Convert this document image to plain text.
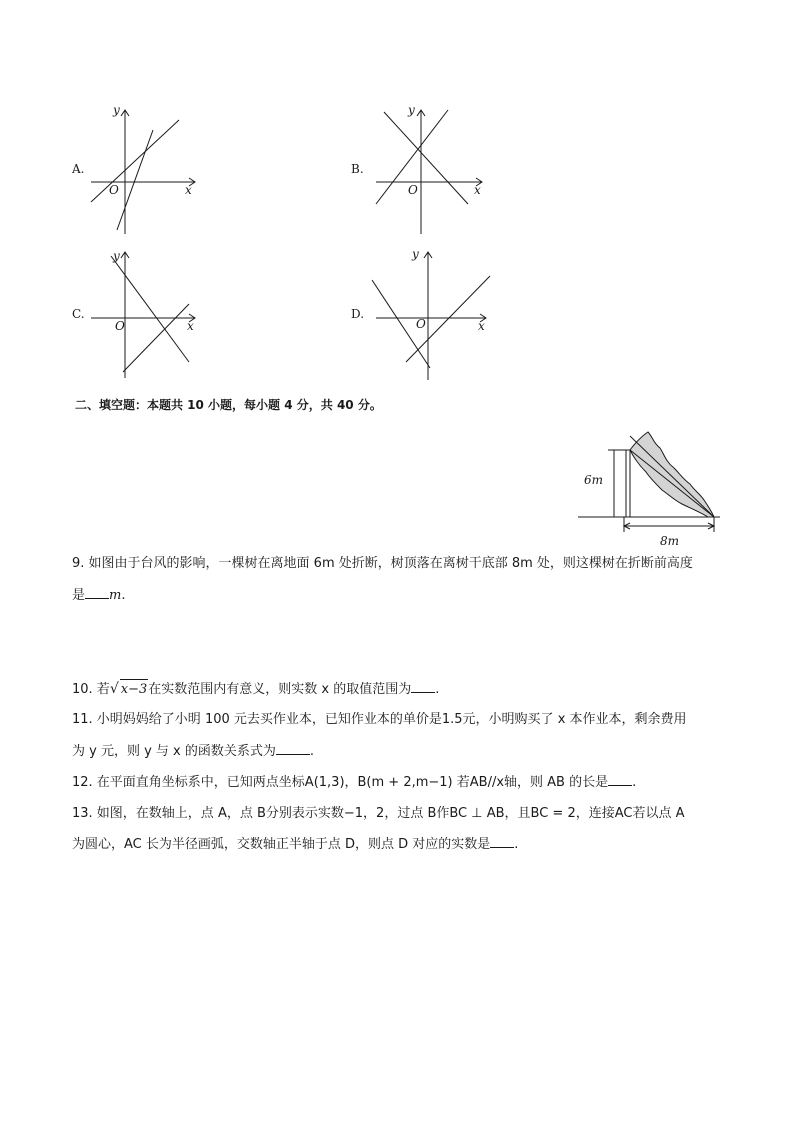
A.
O	x
y
B.
O	x
y
C.
O	x
y
D.
O	x
y
二、填空题：本题共 10 小题，每小题 4 分，共 40 分。
6m
8m
9. 如图由于台风的影响，一棵树在离地面 6m 处折断，树顶落在离树干底部 8m 处，则这棵树在折断前高度
是 m.
10. 若√ x−3在实数范围内有意义，则实数 x 的取值范围为 .
11. 小明妈妈给了小明 100 元去买作业本，已知作业本的单价是1.5元，小明购买了 x 本作业本，剩余费用
为 y 元，则 y 与 x 的函数关系式为	.
12. 在平面直角坐标系中，已知两点坐标A(1,3)，B(m + 2,m−1) 若AB//x轴，则 AB 的长是 .
13. 如图，在数轴上，点 A，点 B分别表示实数−1，2，过点 B作BC ⊥ AB，且BC = 2，连接AC若以点 A
为圆心，AC 长为半径画弧，交数轴正半轴于点 D，则点 D 对应的实数是 .
